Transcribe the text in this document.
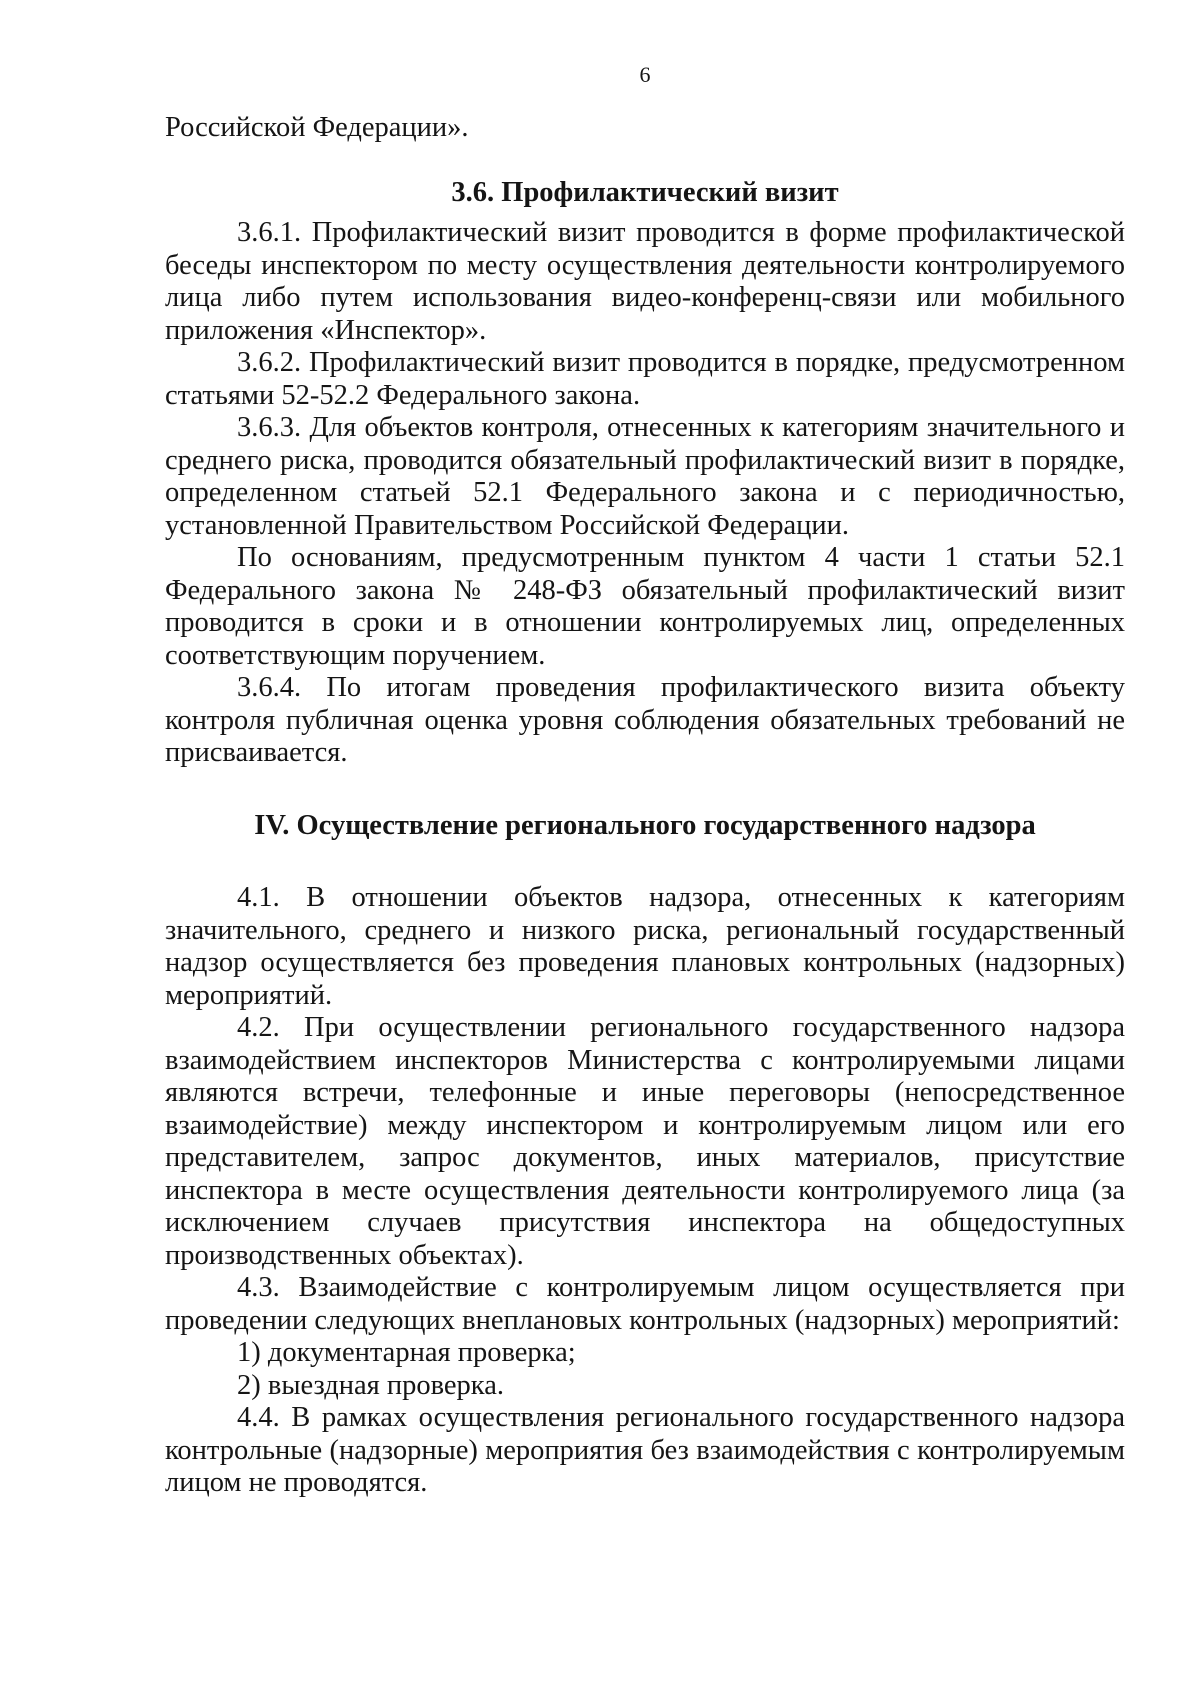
6

Российской Федерации».

3.6. Профилактический визит

3.6.1. Профилактический визит проводится в форме профилактической беседы инспектором по месту осуществления деятельности контролируемого лица либо путем использования видео-конференц-связи или мобильного приложения «Инспектор».

3.6.2. Профилактический визит проводится в порядке, предусмотренном статьями 52-52.2 Федерального закона.

3.6.3. Для объектов контроля, отнесенных к категориям значительного и среднего риска, проводится обязательный профилактический визит в порядке, определенном статьей 52.1 Федерального закона и с периодичностью, установленной Правительством Российской Федерации.

По основаниям, предусмотренным пунктом 4 части 1 статьи 52.1 Федерального закона № 248-ФЗ обязательный профилактический визит проводится в сроки и в отношении контролируемых лиц, определенных соответствующим поручением.

3.6.4. По итогам проведения профилактического визита объекту контроля публичная оценка уровня соблюдения обязательных требований не присваивается.

IV. Осуществление регионального государственного надзора

4.1. В отношении объектов надзора, отнесенных к категориям значительного, среднего и низкого риска, региональный государственный надзор осуществляется без проведения плановых контрольных (надзорных) мероприятий.

4.2. При осуществлении регионального государственного надзора взаимодействием инспекторов Министерства с контролируемыми лицами являются встречи, телефонные и иные переговоры (непосредственное взаимодействие) между инспектором и контролируемым лицом или его представителем, запрос документов, иных материалов, присутствие инспектора в месте осуществления деятельности контролируемого лица (за исключением случаев присутствия инспектора на общедоступных производственных объектах).

4.3. Взаимодействие с контролируемым лицом осуществляется при проведении следующих внеплановых контрольных (надзорных) мероприятий:

1) документарная проверка;

2) выездная проверка.

4.4. В рамках осуществления регионального государственного надзора контрольные (надзорные) мероприятия без взаимодействия с контролируемым лицом не проводятся.
